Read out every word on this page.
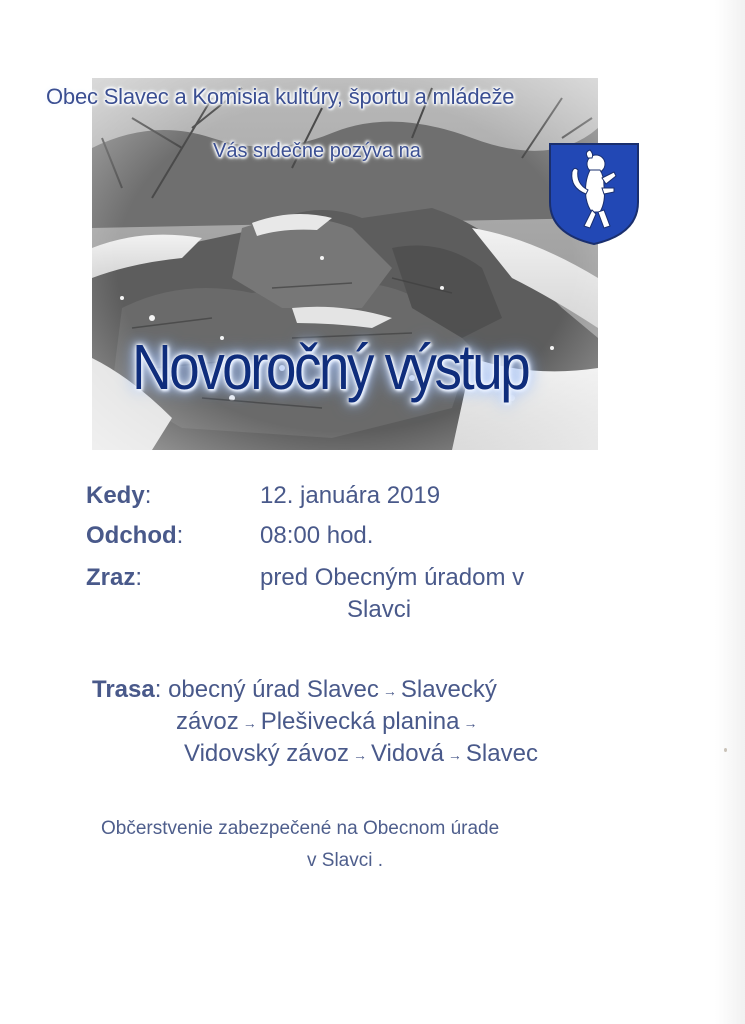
Obec Slavec a Komisia kultúry, športu a mládeže
Vás srdečne pozýva na
Novoročný výstup
Kedy:	12. januára 2019
Odchod:	08:00 hod.
Zraz:	pred Obecným úradom v
Slavci
Trasa: obecný úrad Slavec → Slavecký
závoz → Plešivecká planina →
Vidovský závoz → Vidová → Slavec
Občerstvenie zabezpečené na Obecnom úrade
v Slavci .
